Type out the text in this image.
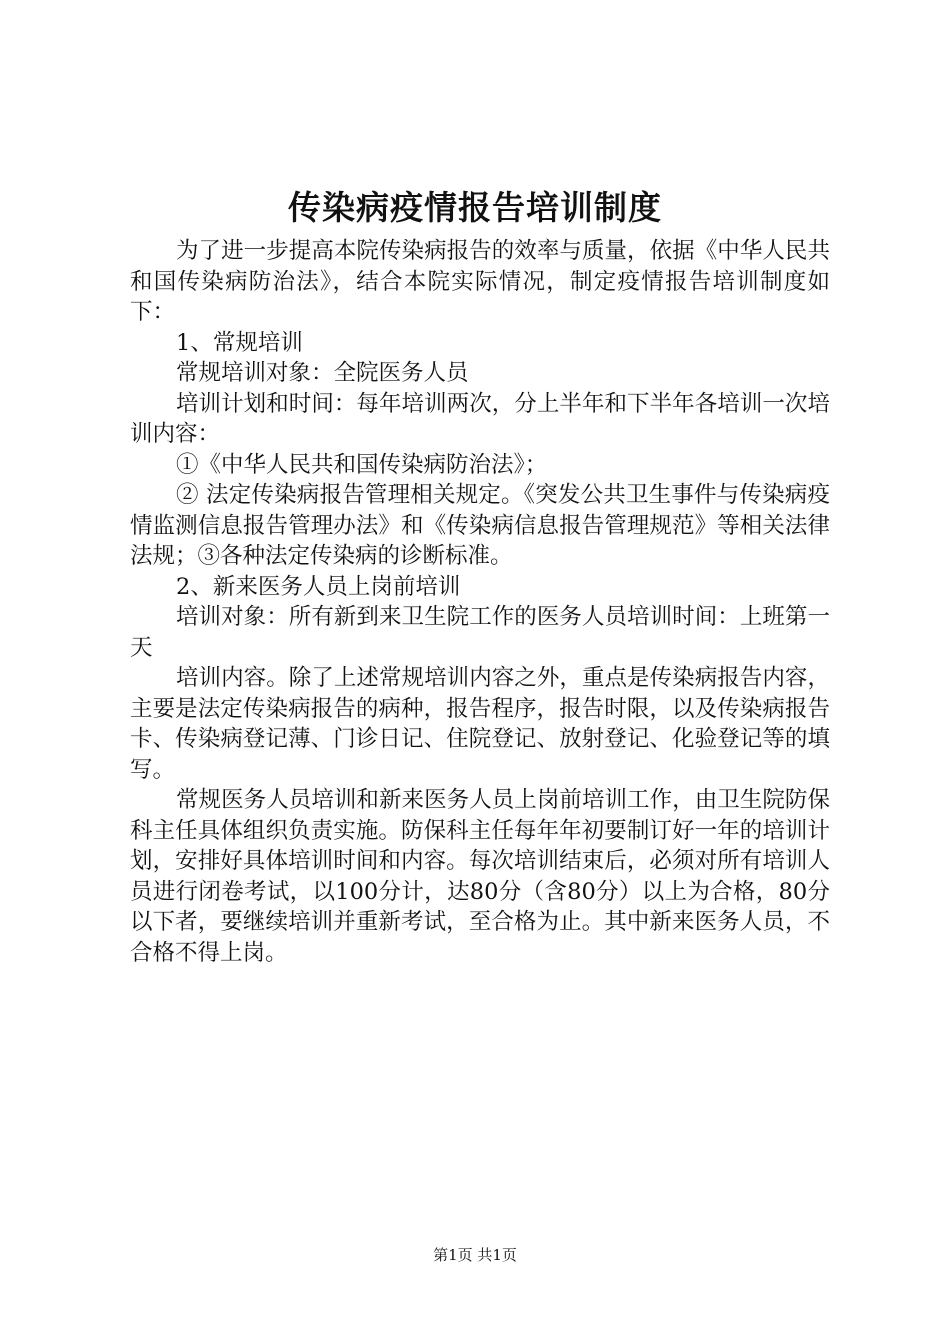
传染病疫情报告培训制度

为了进一步提高本院传染病报告的效率与质量，依据《中华人民共和国传染病防治法》，结合本院实际情况，制定疫情报告培训制度如下：

1、常规培训

常规培训对象：全院医务人员

培训计划和时间：每年培训两次，分上半年和下半年各培训一次培训内容：

①《中华人民共和国传染病防治法》；

② 法定传染病报告管理相关规定。《突发公共卫生事件与传染病疫情监测信息报告管理办法》和《传染病信息报告管理规范》等相关法律法规；③各种法定传染病的诊断标准。

2、新来医务人员上岗前培训

培训对象：所有新到来卫生院工作的医务人员培训时间：上班第一天

培训内容。除了上述常规培训内容之外，重点是传染病报告内容，主要是法定传染病报告的病种，报告程序，报告时限，以及传染病报告卡、传染病登记薄、门诊日记、住院登记、放射登记、化验登记等的填写。

常规医务人员培训和新来医务人员上岗前培训工作，由卫生院防保科主任具体组织负责实施。防保科主任每年年初要制订好一年的培训计划，安排好具体培训时间和内容。每次培训结束后，必须对所有培训人员进行闭卷考试，以100分计，达80分（含80分）以上为合格，80分以下者，要继续培训并重新考试，至合格为止。其中新来医务人员，不合格不得上岗。

第1页 共1页
